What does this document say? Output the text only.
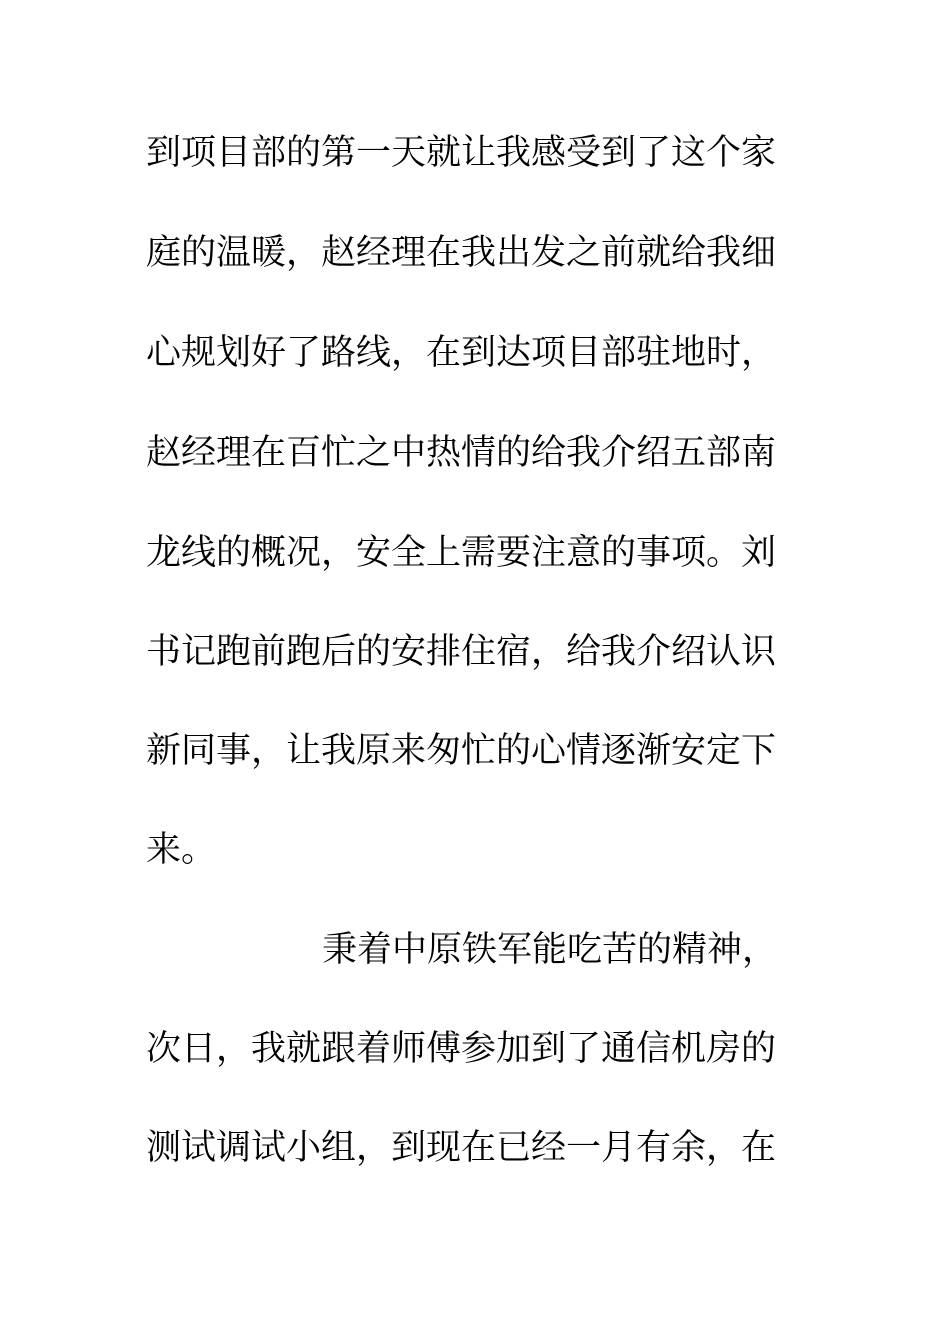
到项目部的第一天就让我感受到了这个家
庭的温暖，赵经理在我出发之前就给我细
心规划好了路线，在到达项目部驻地时，
赵经理在百忙之中热情的给我介绍五部南
龙线的概况，安全上需要注意的事项。刘
书记跑前跑后的安排住宿，给我介绍认识
新同事，让我原来匆忙的心情逐渐安定下
来。
秉着中原铁军能吃苦的精神，
次日，我就跟着师傅参加到了通信机房的
测试调试小组，到现在已经一月有余，在
